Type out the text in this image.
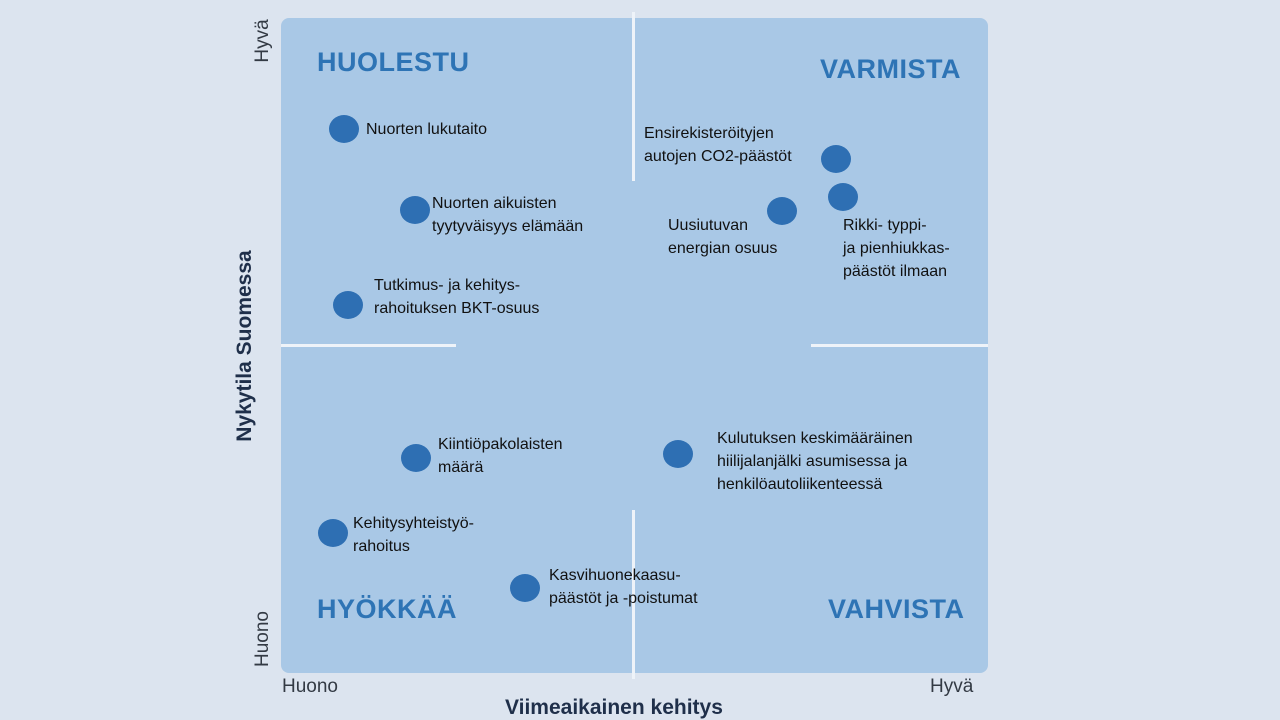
HUOLESTU	VARMISTA
HYÖKKÄÄ	VAHVISTA
Nuorten lukutaito
Nuorten aikuisten
tyytyväisyys elämään
Tutkimus- ja kehitys-
rahoituksen BKT-osuus
Ensirekisteröityjen
autojen CO2-päästöt
Uusiutuvan
energian osuus
Rikki- typpi-
ja pienhiukkas-
päästöt ilmaan
Kiintiöpakolaisten
määrä
Kulutuksen keskimääräinen
hiilijalanjälki asumisessa ja
henkilöautoliikenteessä
Kehitysyhteistyö-
rahoitus
Kasvihuonekaasu-
päästöt ja -poistumat
Huono	Hyvä
Viimeaikainen kehitys
Hyvä
Huono
Nykytila Suomessa
